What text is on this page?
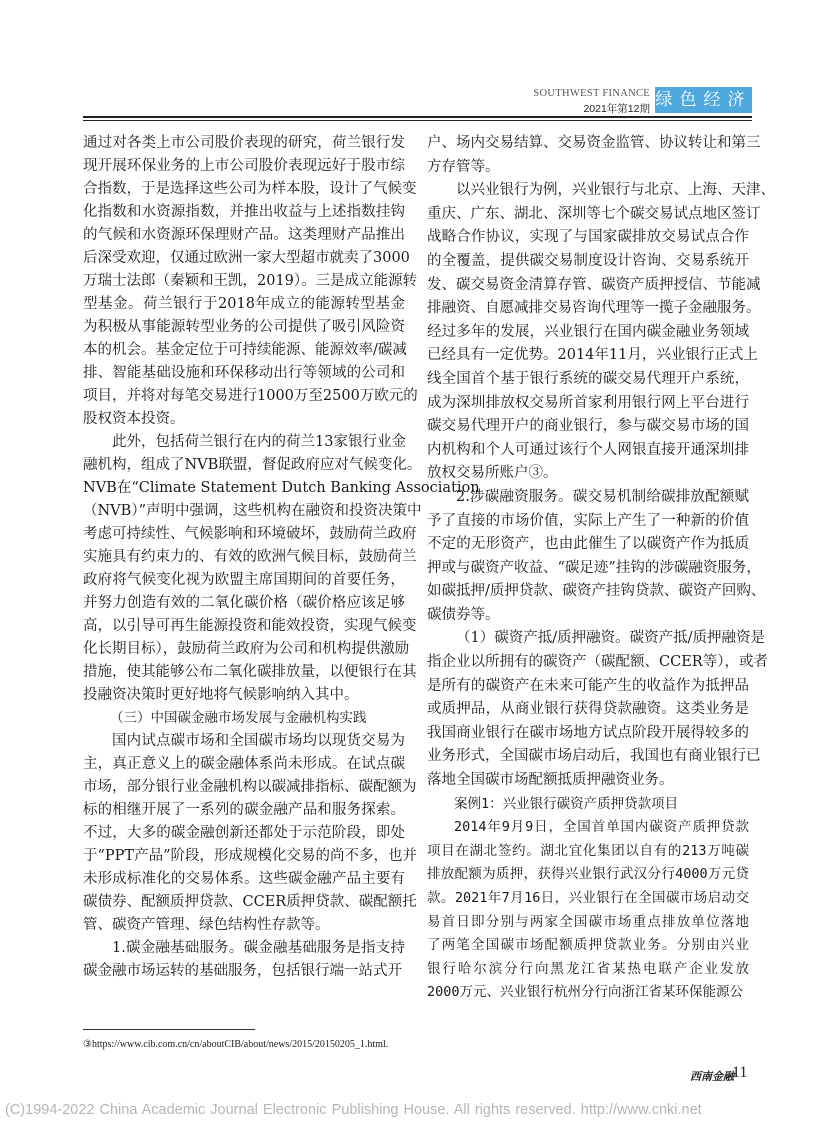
SOUTHWEST FINANCE
2021年第12期 绿色经济
通过对各类上市公司股价表现的研究，荷兰银行发
现开展环保业务的上市公司股价表现远好于股市综
合指数，于是选择这些公司为样本股，设计了气候变
化指数和水资源指数，并推出收益与上述指数挂钩
的气候和水资源环保理财产品。这类理财产品推出
后深受欢迎，仅通过欧洲一家大型超市就卖了3000
万瑞士法郎（秦颖和王凯，2019）。三是成立能源转
型基金。荷兰银行于2018年成立的能源转型基金
为积极从事能源转型业务的公司提供了吸引风险资
本的机会。基金定位于可持续能源、能源效率/碳减
排、智能基础设施和环保移动出行等领域的公司和
项目，并将对每笔交易进行1000万至2500万欧元的
股权资本投资。
此外，包括荷兰银行在内的荷兰13家银行业金
融机构，组成了NVB联盟，督促政府应对气候变化。
NVB在“Climate Statement Dutch Banking Association
（NVB）”声明中强调，这些机构在融资和投资决策中
考虑可持续性、气候影响和环境破坏，鼓励荷兰政府
实施具有约束力的、有效的欧洲气候目标，鼓励荷兰
政府将气候变化视为欧盟主席国期间的首要任务，
并努力创造有效的二氧化碳价格（碳价格应该足够
高，以引导可再生能源投资和能效投资，实现气候变
化长期目标），鼓励荷兰政府为公司和机构提供激励
措施，使其能够公布二氧化碳排放量，以便银行在其
投融资决策时更好地将气候影响纳入其中。
（三）中国碳金融市场发展与金融机构实践
国内试点碳市场和全国碳市场均以现货交易为
主，真正意义上的碳金融体系尚未形成。在试点碳
市场，部分银行业金融机构以碳减排指标、碳配额为
标的相继开展了一系列的碳金融产品和服务探索。
不过，大多的碳金融创新还都处于示范阶段，即处
于“PPT产品”阶段，形成规模化交易的尚不多，也并
未形成标准化的交易体系。这些碳金融产品主要有
碳债券、配额质押贷款、CCER质押贷款、碳配额托
管、碳资产管理、绿色结构性存款等。
1.碳金融基础服务。碳金融基础服务是指支持
碳金融市场运转的基础服务，包括银行端一站式开
户、场内交易结算、交易资金监管、协议转让和第三
方存管等。
以兴业银行为例，兴业银行与北京、上海、天津、
重庆、广东、湖北、深圳等七个碳交易试点地区签订
战略合作协议，实现了与国家碳排放交易试点合作
的全覆盖，提供碳交易制度设计咨询、交易系统开
发、碳交易资金清算存管、碳资产质押授信、节能减
排融资、自愿减排交易咨询代理等一揽子金融服务。
经过多年的发展，兴业银行在国内碳金融业务领域
已经具有一定优势。2014年11月，兴业银行正式上
线全国首个基于银行系统的碳交易代理开户系统，
成为深圳排放权交易所首家利用银行网上平台进行
碳交易代理开户的商业银行，参与碳交易市场的国
内机构和个人可通过该行个人网银直接开通深圳排
放权交易所账户③。
2.涉碳融资服务。碳交易机制给碳排放配额赋
予了直接的市场价值，实际上产生了一种新的价值
不定的无形资产，也由此催生了以碳资产作为抵质
押或与碳资产收益、“碳足迹”挂钩的涉碳融资服务，
如碳抵押/质押贷款、碳资产挂钩贷款、碳资产回购、
碳债券等。
（1）碳资产抵/质押融资。碳资产抵/质押融资是
指企业以所拥有的碳资产（碳配额、CCER等），或者
是所有的碳资产在未来可能产生的收益作为抵押品
或质押品，从商业银行获得贷款融资。这类业务是
我国商业银行在碳市场地方试点阶段开展得较多的
业务形式，全国碳市场启动后，我国也有商业银行已
落地全国碳市场配额抵质押融资业务。
案例1：兴业银行碳资产质押贷款项目
2014年9月9日，全国首单国内碳资产质押贷款
项目在湖北签约。湖北宜化集团以自有的213万吨碳
排放配额为质押，获得兴业银行武汉分行4000万元贷
款。2021年7月16日，兴业银行在全国碳市场启动交
易首日即分别与两家全国碳市场重点排放单位落地
了两笔全国碳市场配额质押贷款业务。分别由兴业
银行哈尔滨分行向黑龙江省某热电联产企业发放
2000万元、兴业银行杭州分行向浙江省某环保能源公
③https://www.cib.com.cn/cn/aboutCIB/about/news/2015/20150205_1.html.
西南金融
11
(C)1994-2022 China Academic Journal Electronic Publishing House. All rights reserved. http://www.cnki.net
